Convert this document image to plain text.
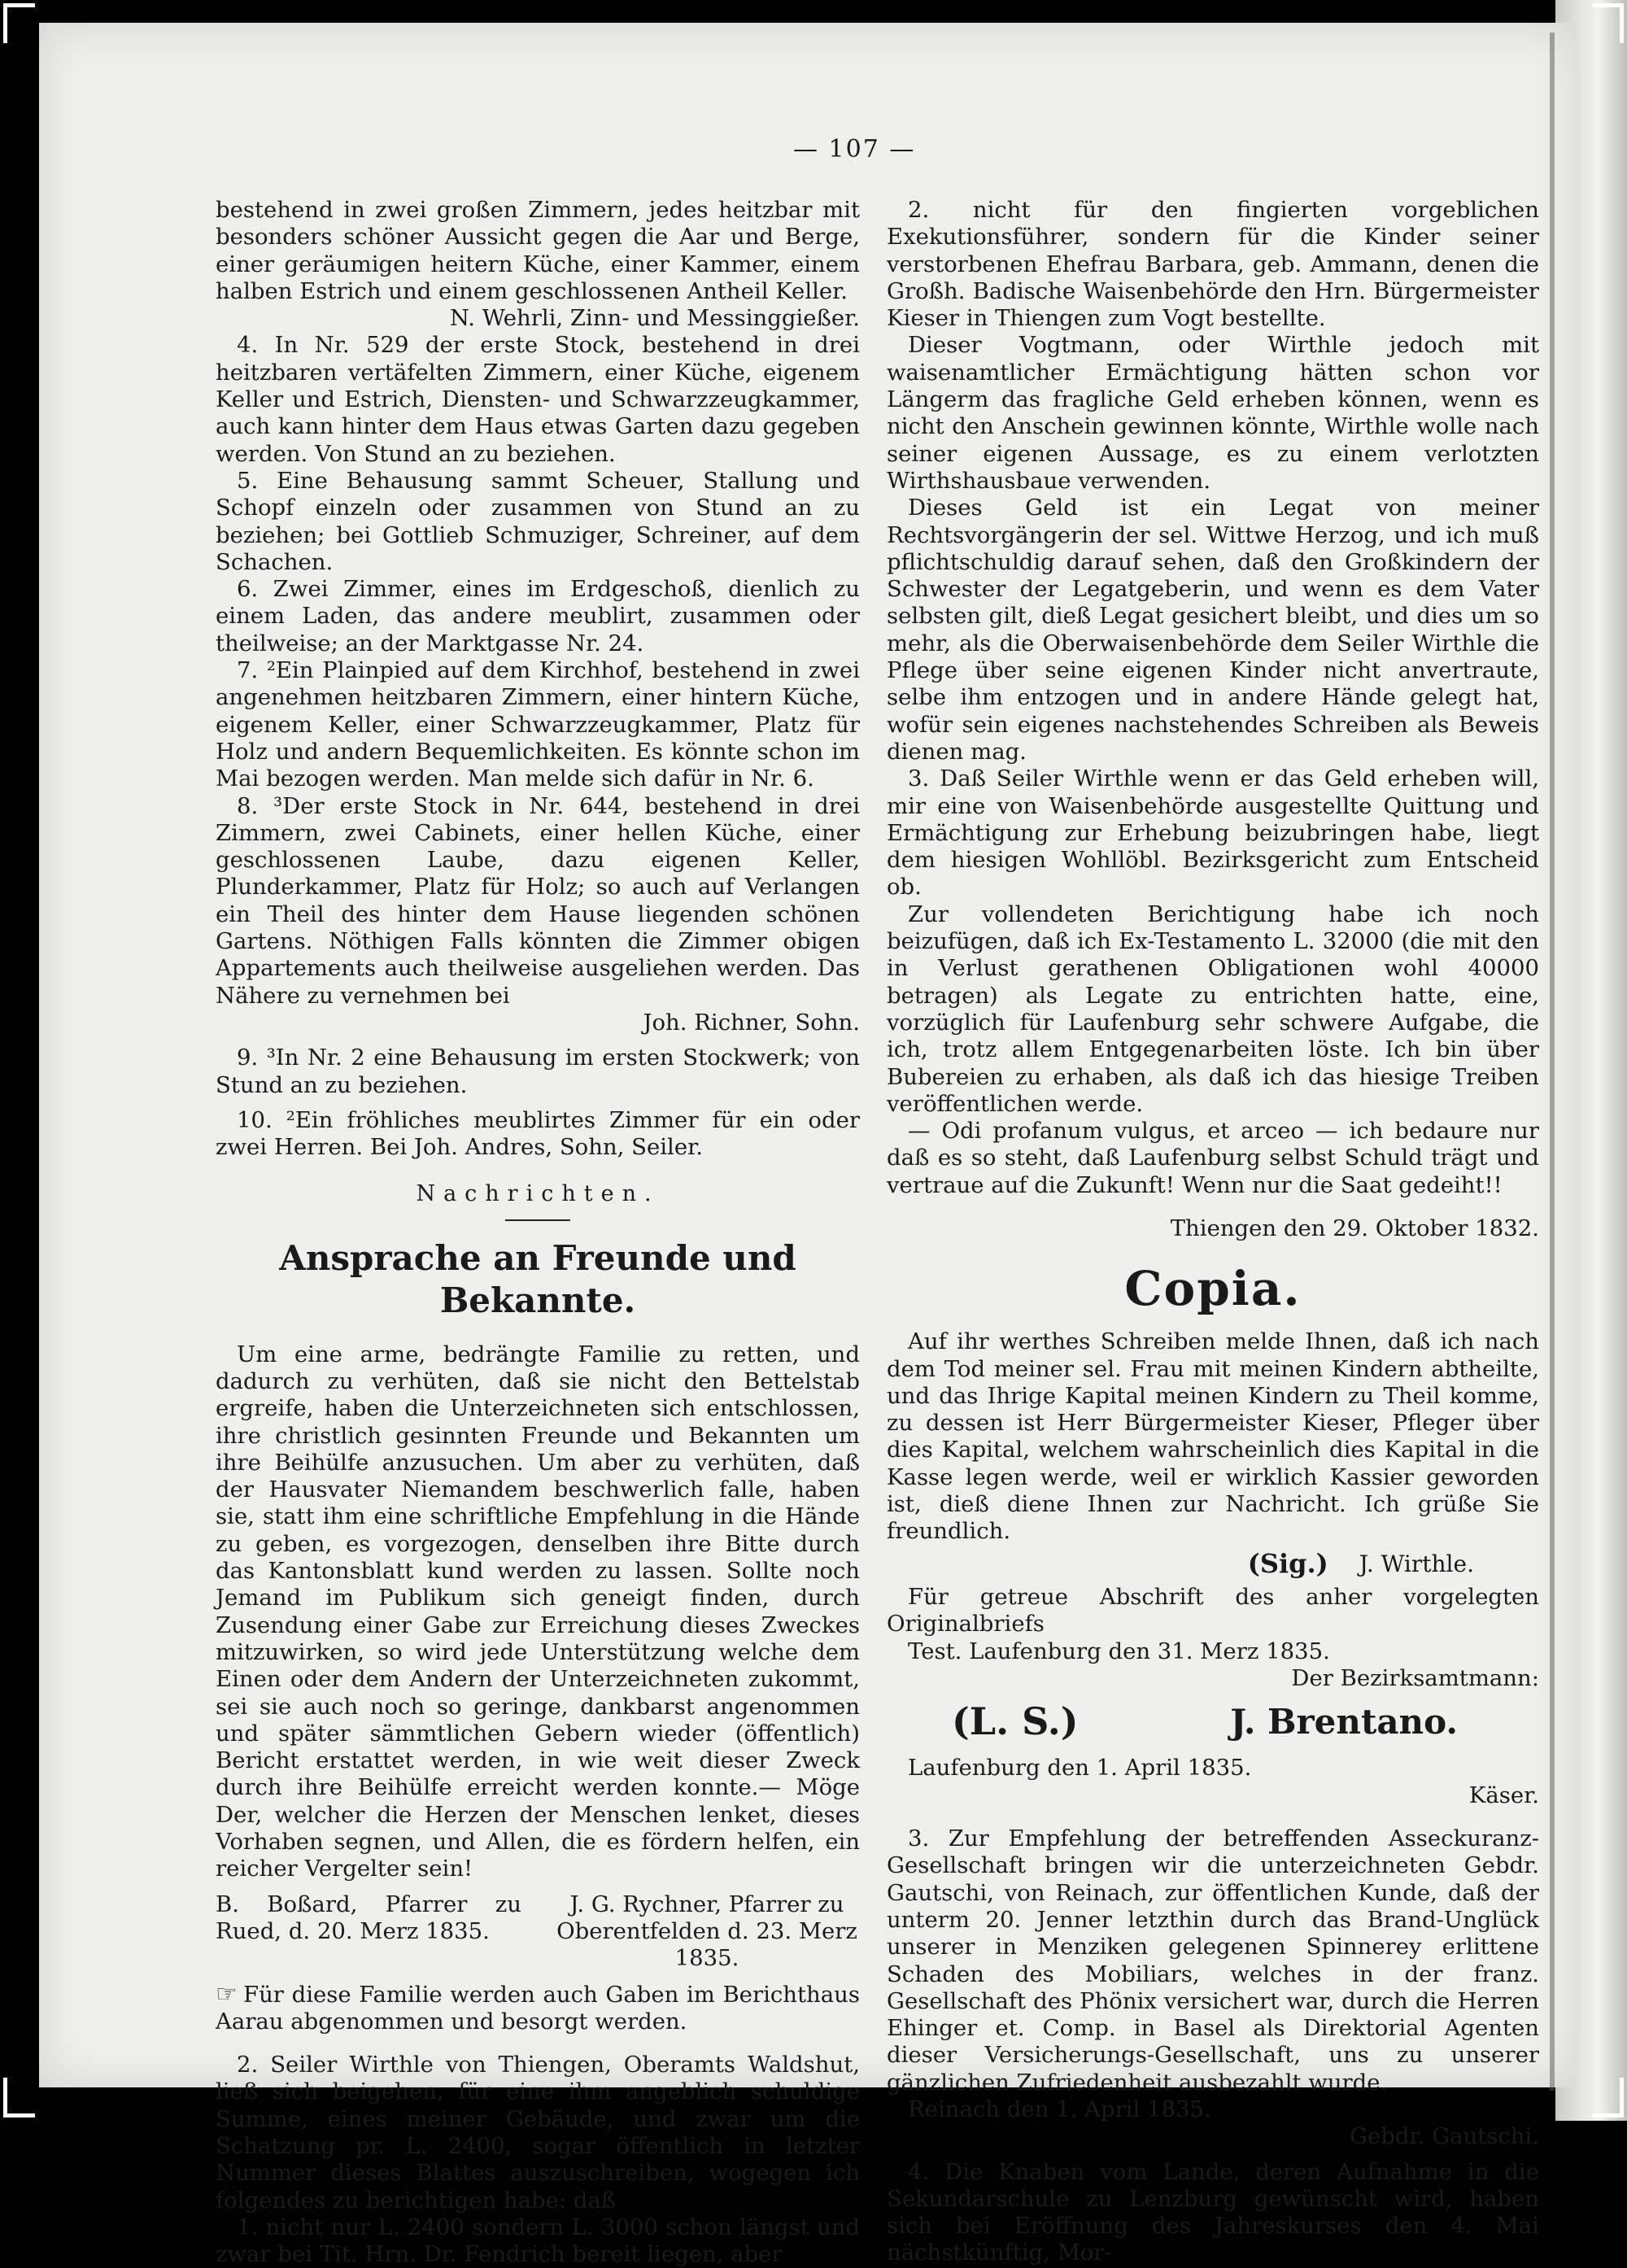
— 107 —

bestehend in zwei großen Zimmern, jedes heitzbar mit besonders schöner Aussicht gegen die Aar und Berge, einer geräumigen heitern Küche, einer Kammer, einem halben Estrich und einem geschlossenen Antheil Keller.

N. Wehrli, Zinn- und Messinggießer.

4. In Nr. 529 der erste Stock, bestehend in drei heitzbaren vertäfelten Zimmern, einer Küche, eigenem Keller und Estrich, Diensten- und Schwarzzeugkammer, auch kann hinter dem Haus etwas Garten dazu gegeben werden. Von Stund an zu beziehen.

5. Eine Behausung sammt Scheuer, Stallung und Schopf einzeln oder zusammen von Stund an zu beziehen; bei Gottlieb Schmuziger, Schreiner, auf dem Schachen.

6. Zwei Zimmer, eines im Erdgeschoß, dienlich zu einem Laden, das andere meublirt, zusammen oder theilweise; an der Marktgasse Nr. 24.

7. ²Ein Plainpied auf dem Kirchhof, bestehend in zwei angenehmen heitzbaren Zimmern, einer hintern Küche, eigenem Keller, einer Schwarzzeugkammer, Platz für Holz und andern Bequemlichkeiten. Es könnte schon im Mai bezogen werden. Man melde sich dafür in Nr. 6.

8. ³Der erste Stock in Nr. 644, bestehend in drei Zimmern, zwei Cabinets, einer hellen Küche, einer geschlossenen Laube, dazu eigenen Keller, Plunderkammer, Platz für Holz; so auch auf Verlangen ein Theil des hinter dem Hause liegenden schönen Gartens. Nöthigen Falls könnten die Zimmer obigen Appartements auch theilweise ausgeliehen werden. Das Nähere zu vernehmen bei

Joh. Richner, Sohn.

9. ³In Nr. 2 eine Behausung im ersten Stockwerk; von Stund an zu beziehen.

10. ²Ein fröhliches meublirtes Zimmer für ein oder zwei Herren. Bei Joh. Andres, Sohn, Seiler.

Nachrichten.

Ansprache an Freunde und Bekannte.

Um eine arme, bedrängte Familie zu retten, und dadurch zu verhüten, daß sie nicht den Bettelstab ergreife, haben die Unterzeichneten sich entschlossen, ihre christlich gesinnten Freunde und Bekannten um ihre Beihülfe anzusuchen. Um aber zu verhüten, daß der Hausvater Niemandem beschwerlich falle, haben sie, statt ihm eine schriftliche Empfehlung in die Hände zu geben, es vorgezogen, denselben ihre Bitte durch das Kantonsblatt kund werden zu lassen. Sollte noch Jemand im Publikum sich geneigt finden, durch Zusendung einer Gabe zur Erreichung dieses Zweckes mitzuwirken, so wird jede Unterstützung welche dem Einen oder dem Andern der Unterzeichneten zukommt, sei sie auch noch so geringe, dankbarst angenommen und später sämmtlichen Gebern wieder (öffentlich) Bericht erstattet werden, in wie weit dieser Zweck durch ihre Beihülfe erreicht werden konnte.— Möge Der, welcher die Herzen der Menschen lenket, dieses Vorhaben segnen, und Allen, die es fördern helfen, ein reicher Vergelter sein!

B. Boßard, Pfarrer zu Rued, d. 20. Merz 1835.
J. G. Rychner, Pfarrer zu Oberentfelden d. 23. Merz 1835.

☞ Für diese Familie werden auch Gaben im Berichthaus Aarau abgenommen und besorgt werden.

2. Seiler Wirthle von Thiengen, Oberamts Waldshut, ließ sich beigehen, für eine ihm angeblich schuldige Summe, eines meiner Gebäude, und zwar um die Schatzung pr. L. 2400, sogar öffentlich in letzter Nummer dieses Blattes auszuschreiben, wogegen ich folgendes zu berichtigen habe: daß

1. nicht nur L. 2400 sondern L. 3000 schon längst und zwar bei Tit. Hrn. Dr. Fendrich bereit liegen, aber

2. nicht für den fingierten vorgeblichen Exekutionsführer, sondern für die Kinder seiner verstorbenen Ehefrau Barbara, geb. Ammann, denen die Großh. Badische Waisenbehörde den Hrn. Bürgermeister Kieser in Thiengen zum Vogt bestellte.

Dieser Vogtmann, oder Wirthle jedoch mit waisenamtlicher Ermächtigung hätten schon vor Längerm das fragliche Geld erheben können, wenn es nicht den Anschein gewinnen könnte, Wirthle wolle nach seiner eigenen Aussage, es zu einem verlotzten Wirthshausbaue verwenden.

Dieses Geld ist ein Legat von meiner Rechtsvorgängerin der sel. Wittwe Herzog, und ich muß pflichtschuldig darauf sehen, daß den Großkindern der Schwester der Legatgeberin, und wenn es dem Vater selbsten gilt, dieß Legat gesichert bleibt, und dies um so mehr, als die Oberwaisenbehörde dem Seiler Wirthle die Pflege über seine eigenen Kinder nicht anvertraute, selbe ihm entzogen und in andere Hände gelegt hat, wofür sein eigenes nachstehendes Schreiben als Beweis dienen mag.

3. Daß Seiler Wirthle wenn er das Geld erheben will, mir eine von Waisenbehörde ausgestellte Quittung und Ermächtigung zur Erhebung beizubringen habe, liegt dem hiesigen Wohllöbl. Bezirksgericht zum Entscheid ob.

Zur vollendeten Berichtigung habe ich noch beizufügen, daß ich Ex-Testamento L. 32000 (die mit den in Verlust gerathenen Obligationen wohl 40000 betragen) als Legate zu entrichten hatte, eine, vorzüglich für Laufenburg sehr schwere Aufgabe, die ich, trotz allem Entgegenarbeiten löste. Ich bin über Bubereien zu erhaben, als daß ich das hiesige Treiben veröffentlichen werde.

— Odi profanum vulgus, et arceo — ich bedaure nur daß es so steht, daß Laufenburg selbst Schuld trägt und vertraue auf die Zukunft! Wenn nur die Saat gedeiht!!

Thiengen den 29. Oktober 1832.

Copia.

Auf ihr werthes Schreiben melde Ihnen, daß ich nach dem Tod meiner sel. Frau mit meinen Kindern abtheilte, und das Ihrige Kapital meinen Kindern zu Theil komme, zu dessen ist Herr Bürgermeister Kieser, Pfleger über dies Kapital, welchem wahrscheinlich dies Kapital in die Kasse legen werde, weil er wirklich Kassier geworden ist, dieß diene Ihnen zur Nachricht. Ich grüße Sie freundlich.

(Sig.) J. Wirthle.

Für getreue Abschrift des anher vorgelegten Originalbriefs

Test. Laufenburg den 31. Merz 1835.

Der Bezirksamtmann:

(L. S.)	J. Brentano.

Laufenburg den 1. April 1835.

Käser.

3. Zur Empfehlung der betreffenden Asseckuranz-Gesellschaft bringen wir die unterzeichneten Gebdr. Gautschi, von Reinach, zur öffentlichen Kunde, daß der unterm 20. Jenner letzthin durch das Brand-Unglück unserer in Menziken gelegenen Spinnerey erlittene Schaden des Mobiliars, welches in der franz. Gesellschaft des Phönix versichert war, durch die Herren Ehinger et. Comp. in Basel als Direktorial Agenten dieser Versicherungs-Gesellschaft, uns zu unserer gänzlichen Zufriedenheit ausbezahlt wurde.

Reinach den 1. April 1835.

Gebdr. Gautschi.

4. Die Knaben vom Lande, deren Aufnahme in die Sekundarschule zu Lenzburg gewünscht wird, haben sich bei Eröffnung des Jahreskurses den 4. Mai nächstkünftig, Mor-
